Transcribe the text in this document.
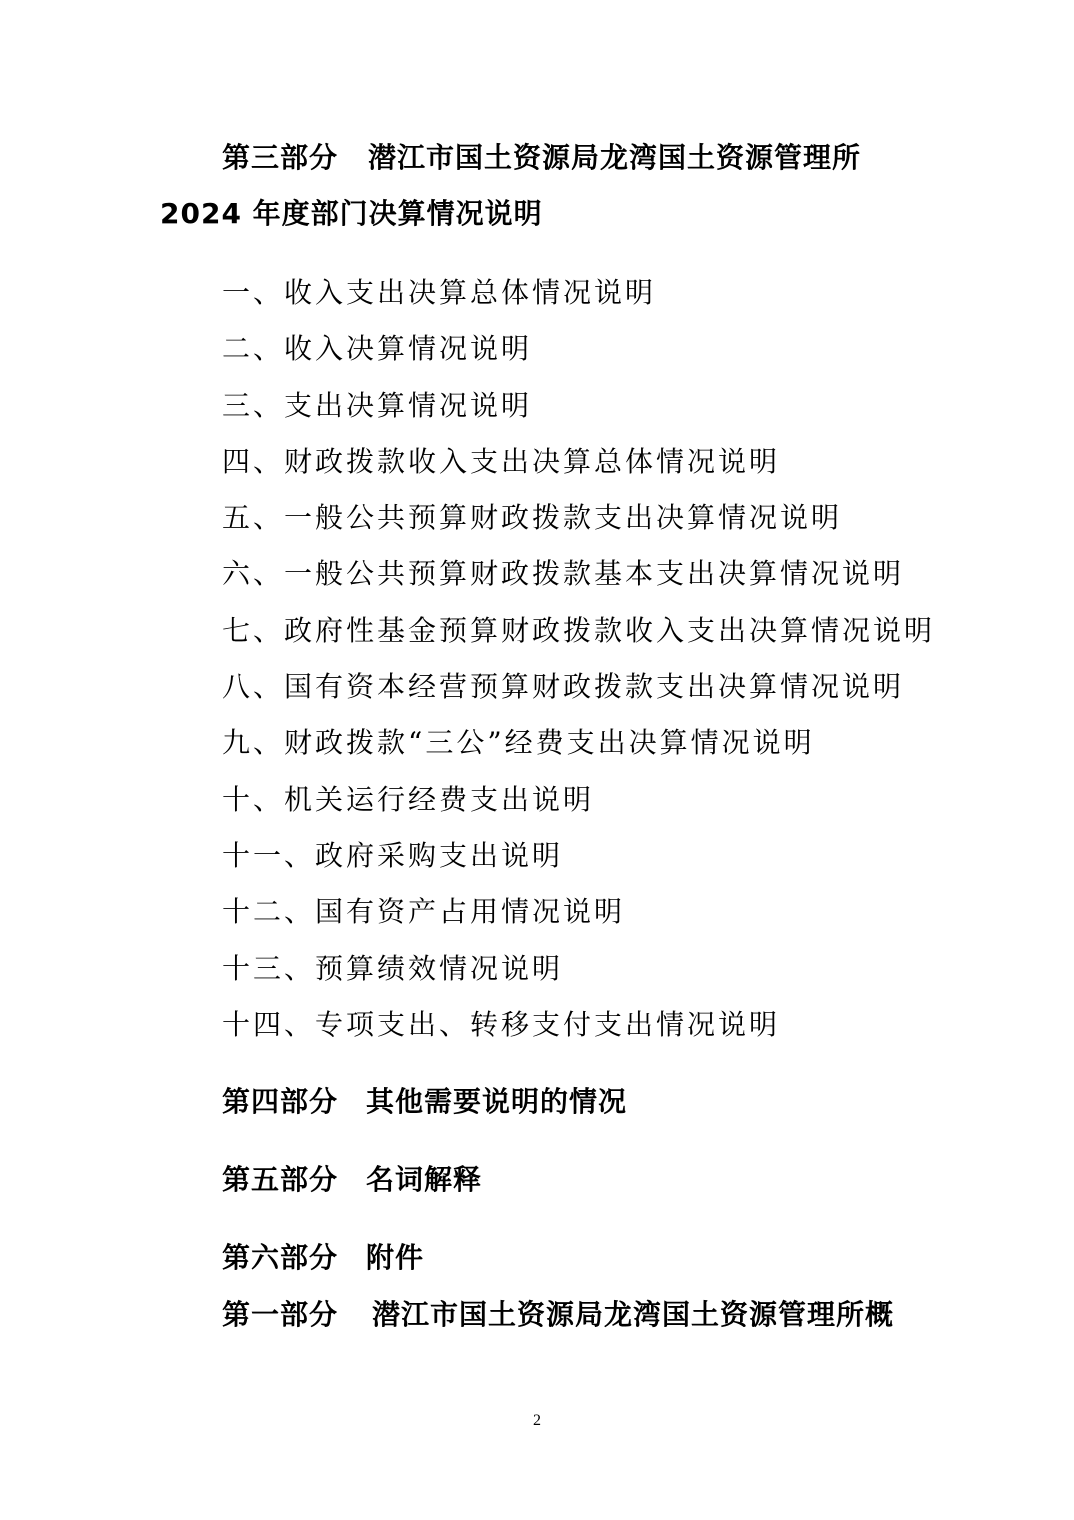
第三部分 潜江市国土资源局龙湾国土资源管理所
2024 年度部门决算情况说明
一、收入支出决算总体情况说明
二、收入决算情况说明
三、支出决算情况说明
四、财政拨款收入支出决算总体情况说明
五、一般公共预算财政拨款支出决算情况说明
六、一般公共预算财政拨款基本支出决算情况说明
七、政府性基金预算财政拨款收入支出决算情况说明
八、国有资本经营预算财政拨款支出决算情况说明
九、财政拨款“三公”经费支出决算情况说明
十、机关运行经费支出说明
十一、政府采购支出说明
十二、国有资产占用情况说明
十三、预算绩效情况说明
十四、专项支出、转移支付支出情况说明
第四部分 其他需要说明的情况
第五部分 名词解释
第六部分 附件
第一部分 潜江市国土资源局龙湾国土资源管理所概
2
